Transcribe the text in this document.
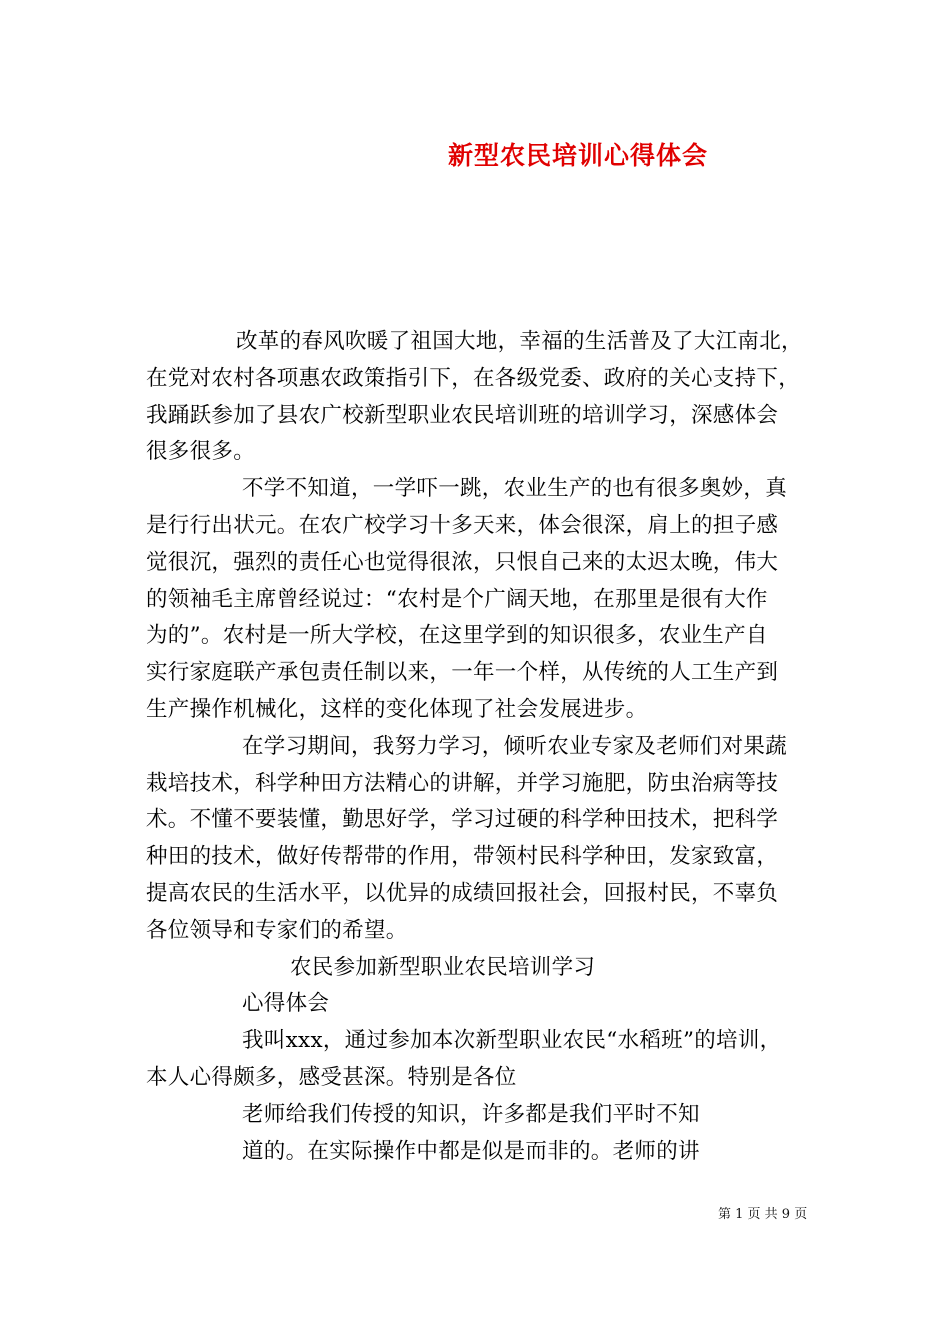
新型农民培训心得体会
改革的春风吹暖了祖国大地，幸福的生活普及了大江南北，
在党对农村各项惠农政策指引下，在各级党委、政府的关心支持下，
我踊跃参加了县农广校新型职业农民培训班的培训学习，深感体会
很多很多。
不学不知道，一学吓一跳，农业生产的也有很多奥妙，真
是行行出状元。在农广校学习十多天来，体会很深，肩上的担子感
觉很沉，强烈的责任心也觉得很浓，只恨自己来的太迟太晚，伟大
的领袖毛主席曾经说过：“农村是个广阔天地，在那里是很有大作
为的”。农村是一所大学校，在这里学到的知识很多，农业生产自
实行家庭联产承包责任制以来，一年一个样，从传统的人工生产到
生产操作机械化，这样的变化体现了社会发展进步。
在学习期间，我努力学习，倾听农业专家及老师们对果蔬
栽培技术，科学种田方法精心的讲解，并学习施肥，防虫治病等技
术。不懂不要装懂，勤思好学，学习过硬的科学种田技术，把科学
种田的技术，做好传帮带的作用，带领村民科学种田，发家致富，
提高农民的生活水平，以优异的成绩回报社会，回报村民，不辜负
各位领导和专家们的希望。
农民参加新型职业农民培训学习
心得体会
我叫xxx，通过参加本次新型职业农民“水稻班”的培训，
本人心得颇多，感受甚深。特别是各位
老师给我们传授的知识，许多都是我们平时不知
道的。在实际操作中都是似是而非的。老师的讲
第 1 页 共 9 页
